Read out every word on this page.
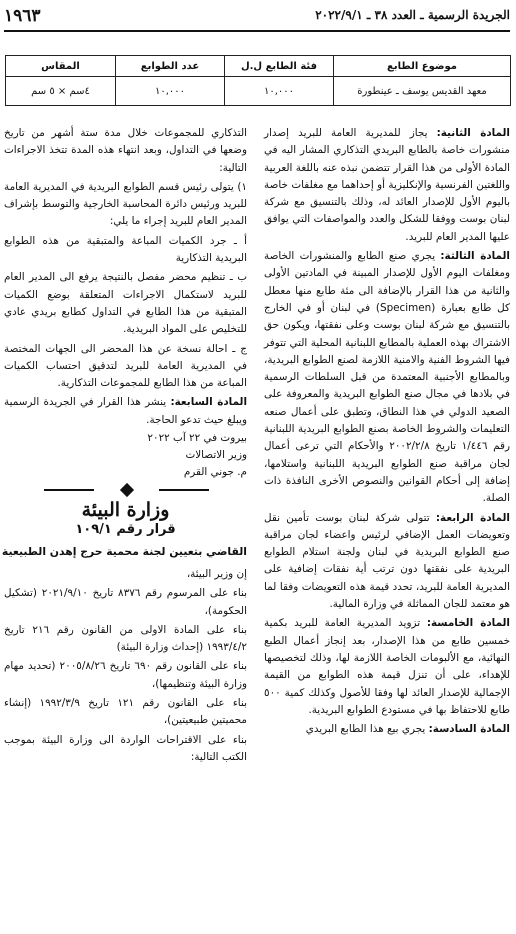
١٩٦٣	الجريدة الرسمية ـ العدد ٣٨ ـ ٢٠٢٢/٩/١
موضوع الطابع	فئة الطابع ل.ل	عدد الطوابع	المقاس
معهد القديس يوسف ـ عينطورة	١٠,٠٠٠	١٠,٠٠٠	٤سم × ٥ سم

المادة الثانية: يجاز للمديرية العامة للبريد إصدار منشورات خاصة بالطابع البريدي التذكاري المشار اليه في المادة الأولى من هذا القرار تتضمن نبذه عنه باللغة العربية واللغتين الفرنسية والإنكليزية أو إحداهما مع مغلفات خاصة باليوم الأول للإصدار العائد له، وذلك بالتنسيق مع شركة لبنان بوست ووفقا للشكل والعدد والمواصفات التي يوافق عليها المدير العام للبريد.

المادة الثالثة: يجري صنع الطابع والمنشورات الخاصة ومغلفات اليوم الأول للإصدار المبينة في المادتين الأولى والثانية من هذا القرار بالإضافة الى مئة طابع منها معطل كل طابع بعبارة (Specimen) في لبنان أو في الخارج بالتنسيق مع شركة لبنان بوست وعلى نفقتها، ويكون حق الاشتراك بهذه العملية بالمطابع اللبنانية المحلية التي تتوفر فيها الشروط الفنية والامنية اللازمة لصنع الطوابع البريدية، وبالمطابع الأجنبية المعتمدة من قبل السلطات الرسمية في بلادها في مجال صنع الطوابع البريدية والمعروفة على الصعيد الدولي في هذا النطاق، وتطبق على أعمال صنعه التعليمات والشروط الخاصة بصنع الطوابع البريدية اللبنانية رقم ١/٤٤٦ تاريخ ٢٠٠٢/٢/٨ والأحكام التي ترعى أعمال لجان مراقبة صنع الطوابع البريدية اللبنانية واستلامها، إضافة إلى أحكام القوانين والنصوص الأخرى النافذة ذات الصلة.

المادة الرابعة: تتولى شركة لبنان بوست تأمين نقل وتعويضات العمل الإضافي لرئيس واعضاء لجان مراقبة صنع الطوابع البريدية في لبنان ولجنة استلام الطوابع البريدية على نفقتها دون ترتب أية نفقات إضافية على المديرية العامة للبريد، تحدد قيمة هذه التعويضات وفقا لما هو معتمد للجان المماثلة في وزارة المالية.

المادة الخامسة: تزويد المديرية العامة للبريد بكمية خمسين طابع من هذا الإصدار، بعد إنجاز أعمال الطبع النهائية، مع الألبومات الخاصة اللازمة لها، وذلك لتخصيصها للإهداء، على أن تنزل قيمة هذه الطوابع من القيمة الإجمالية للإصدار العائد لها وفقا للأصول وكذلك كمية ٥٠٠ طابع للاحتفاظ بها في مستودع الطوابع البريدية.

المادة السادسة: يجري بيع هذا الطابع البريدي

التذكاري للمجموعات خلال مدة ستة أشهر من تاريخ وضعها في التداول، وبعد انتهاء هذه المدة تتخذ الاجراءات التالية:

١) يتولى رئيس قسم الطوابع البريدية في المديرية العامة للبريد ورئيس دائرة المحاسبة الخارجية والتوسط بإشراف المدير العام للبريد إجراء ما يلي:

أ ـ جرد الكميات المباعة والمتبقية من هذه الطوابع البريدية التذكارية

ب ـ تنظيم محضر مفصل بالنتيجة يرفع الى المدير العام للبريد لاستكمال الاجراءات المتعلقة بوضع الكميات المتبقية من هذا الطابع في التداول كطابع بريدي عادي للتخليص على المواد البريدية.

ج ـ احالة نسخة عن هذا المحضر الى الجهات المختصة في المديرية العامة للبريد لتدقيق احتساب الكميات المباعة من هذا الطابع للمجموعات التذكارية.

المادة السابعة: ينشر هذا القرار في الجريدة الرسمية ويبلغ حيث تدعو الحاجة.

بيروت في ٢٢ آب ٢٠٢٢

وزير الاتصالات

م. جوني القرم

وزارة البيئة
قرار رقم ١٠٩/١
القاضي بتعيين لجنة محمية حرج إهدن الطبيعية

إن وزير البيئة،

بناء على المرسوم رقم ٨٣٧٦ تاريخ ٢٠٢١/٩/١٠ (تشكيل الحكومة)،

بناء على المادة الاولى من القانون رقم ٢١٦ تاريخ ١٩٩٣/٤/٢ (إحداث وزارة البيئة)

بناء على القانون رقم ٦٩٠ تاريخ ٢٠٠٥/٨/٢٦ (تحديد مهام وزارة البيئة وتنظيمها)،

بناء على القانون رقم ١٢١ تاريخ ١٩٩٢/٣/٩ (إنشاء محميتين طبيعيتين)،

بناء على الاقتراحات الواردة الى وزارة البيئة بموجب الكتب التالية:
